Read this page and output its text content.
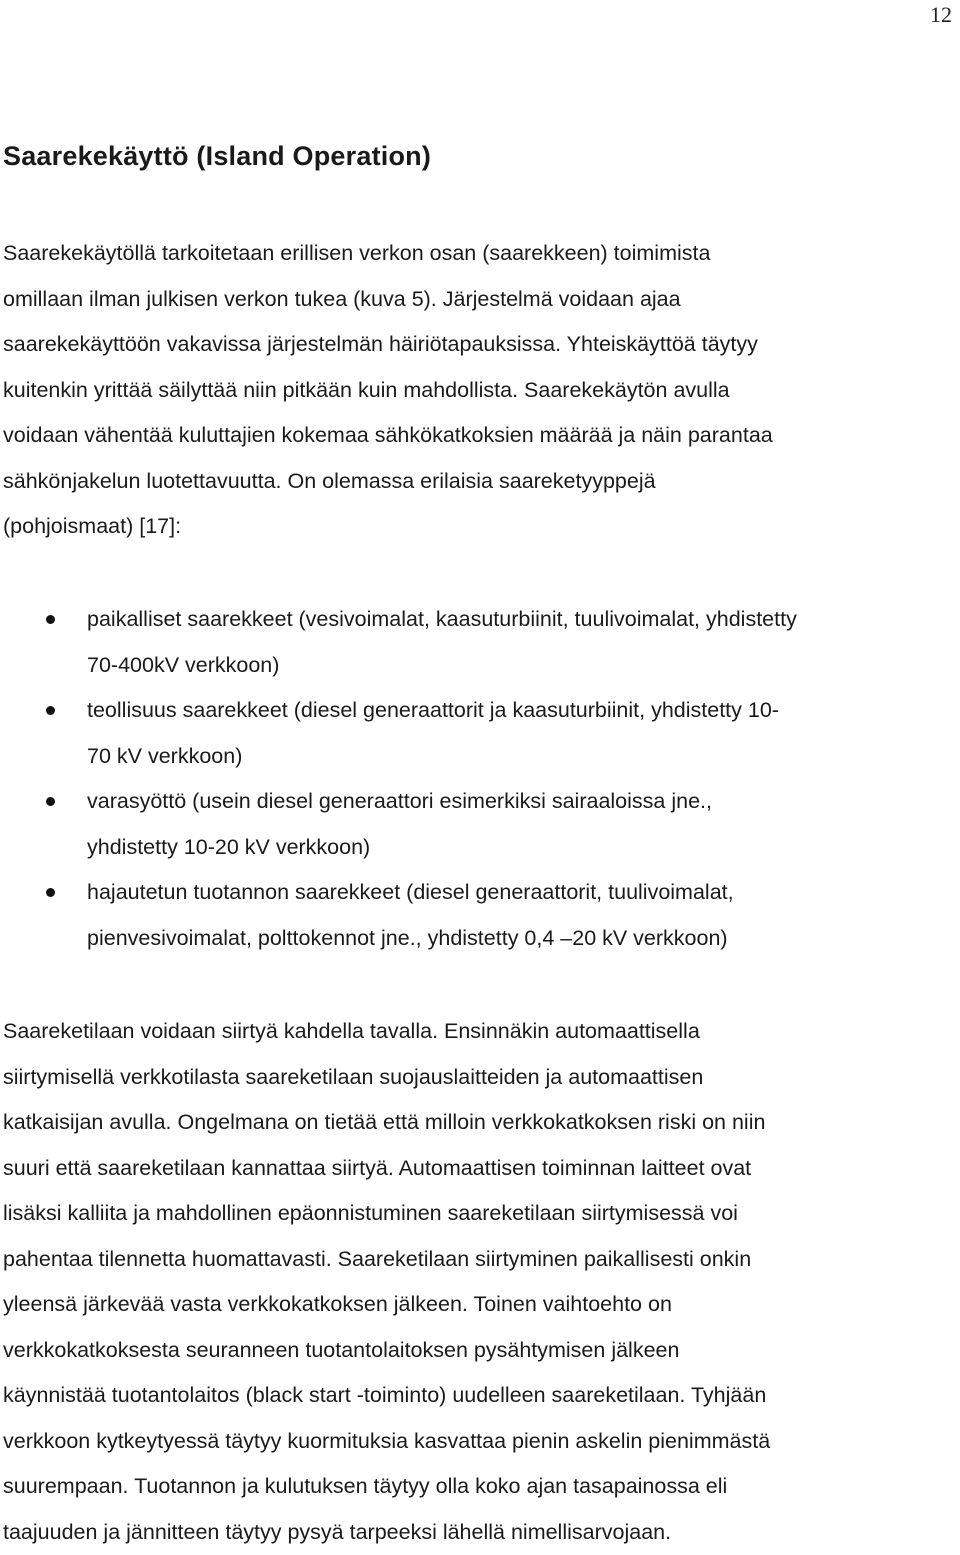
12
Saarekekäyttö (Island Operation)

Saarekekäytöllä tarkoitetaan erillisen verkon osan (saarekkeen) toimimista
omillaan ilman julkisen verkon tukea (kuva 5). Järjestelmä voidaan ajaa
saarekekäyttöön vakavissa järjestelmän häiriötapauksissa. Yhteiskäyttöä täytyy
kuitenkin yrittää säilyttää niin pitkään kuin mahdollista. Saarekekäytön avulla
voidaan vähentää kuluttajien kokemaa sähkökatkoksien määrää ja näin parantaa
sähkönjakelun luotettavuutta. On olemassa erilaisia saareketyyppejä
(pohjoismaat) [17]:

paikalliset saarekkeet (vesivoimalat, kaasuturbiinit, tuulivoimalat, yhdistetty
70-400kV verkkoon)
teollisuus saarekkeet (diesel generaattorit ja kaasuturbiinit, yhdistetty 10-
70 kV verkkoon)
varasyöttö (usein diesel generaattori esimerkiksi sairaaloissa jne.,
yhdistetty 10-20 kV verkkoon)
hajautetun tuotannon saarekkeet (diesel generaattorit, tuulivoimalat,
pienvesivoimalat, polttokennot jne., yhdistetty 0,4 –20 kV verkkoon)

Saareketilaan voidaan siirtyä kahdella tavalla. Ensinnäkin automaattisella
siirtymisellä verkkotilasta saareketilaan suojauslaitteiden ja automaattisen
katkaisijan avulla. Ongelmana on tietää että milloin verkkokatkoksen riski on niin
suuri että saareketilaan kannattaa siirtyä. Automaattisen toiminnan laitteet ovat
lisäksi kalliita ja mahdollinen epäonnistuminen saareketilaan siirtymisessä voi
pahentaa tilennetta huomattavasti. Saareketilaan siirtyminen paikallisesti onkin
yleensä järkevää vasta verkkokatkoksen jälkeen. Toinen vaihtoehto on
verkkokatkoksesta seuranneen tuotantolaitoksen pysähtymisen jälkeen
käynnistää tuotantolaitos (black start -toiminto) uudelleen saareketilaan. Tyhjään
verkkoon kytkeytyessä täytyy kuormituksia kasvattaa pienin askelin pienimmästä
suurempaan. Tuotannon ja kulutuksen täytyy olla koko ajan tasapainossa eli
taajuuden ja jännitteen täytyy pysyä tarpeeksi lähellä nimellisarvojaan.
